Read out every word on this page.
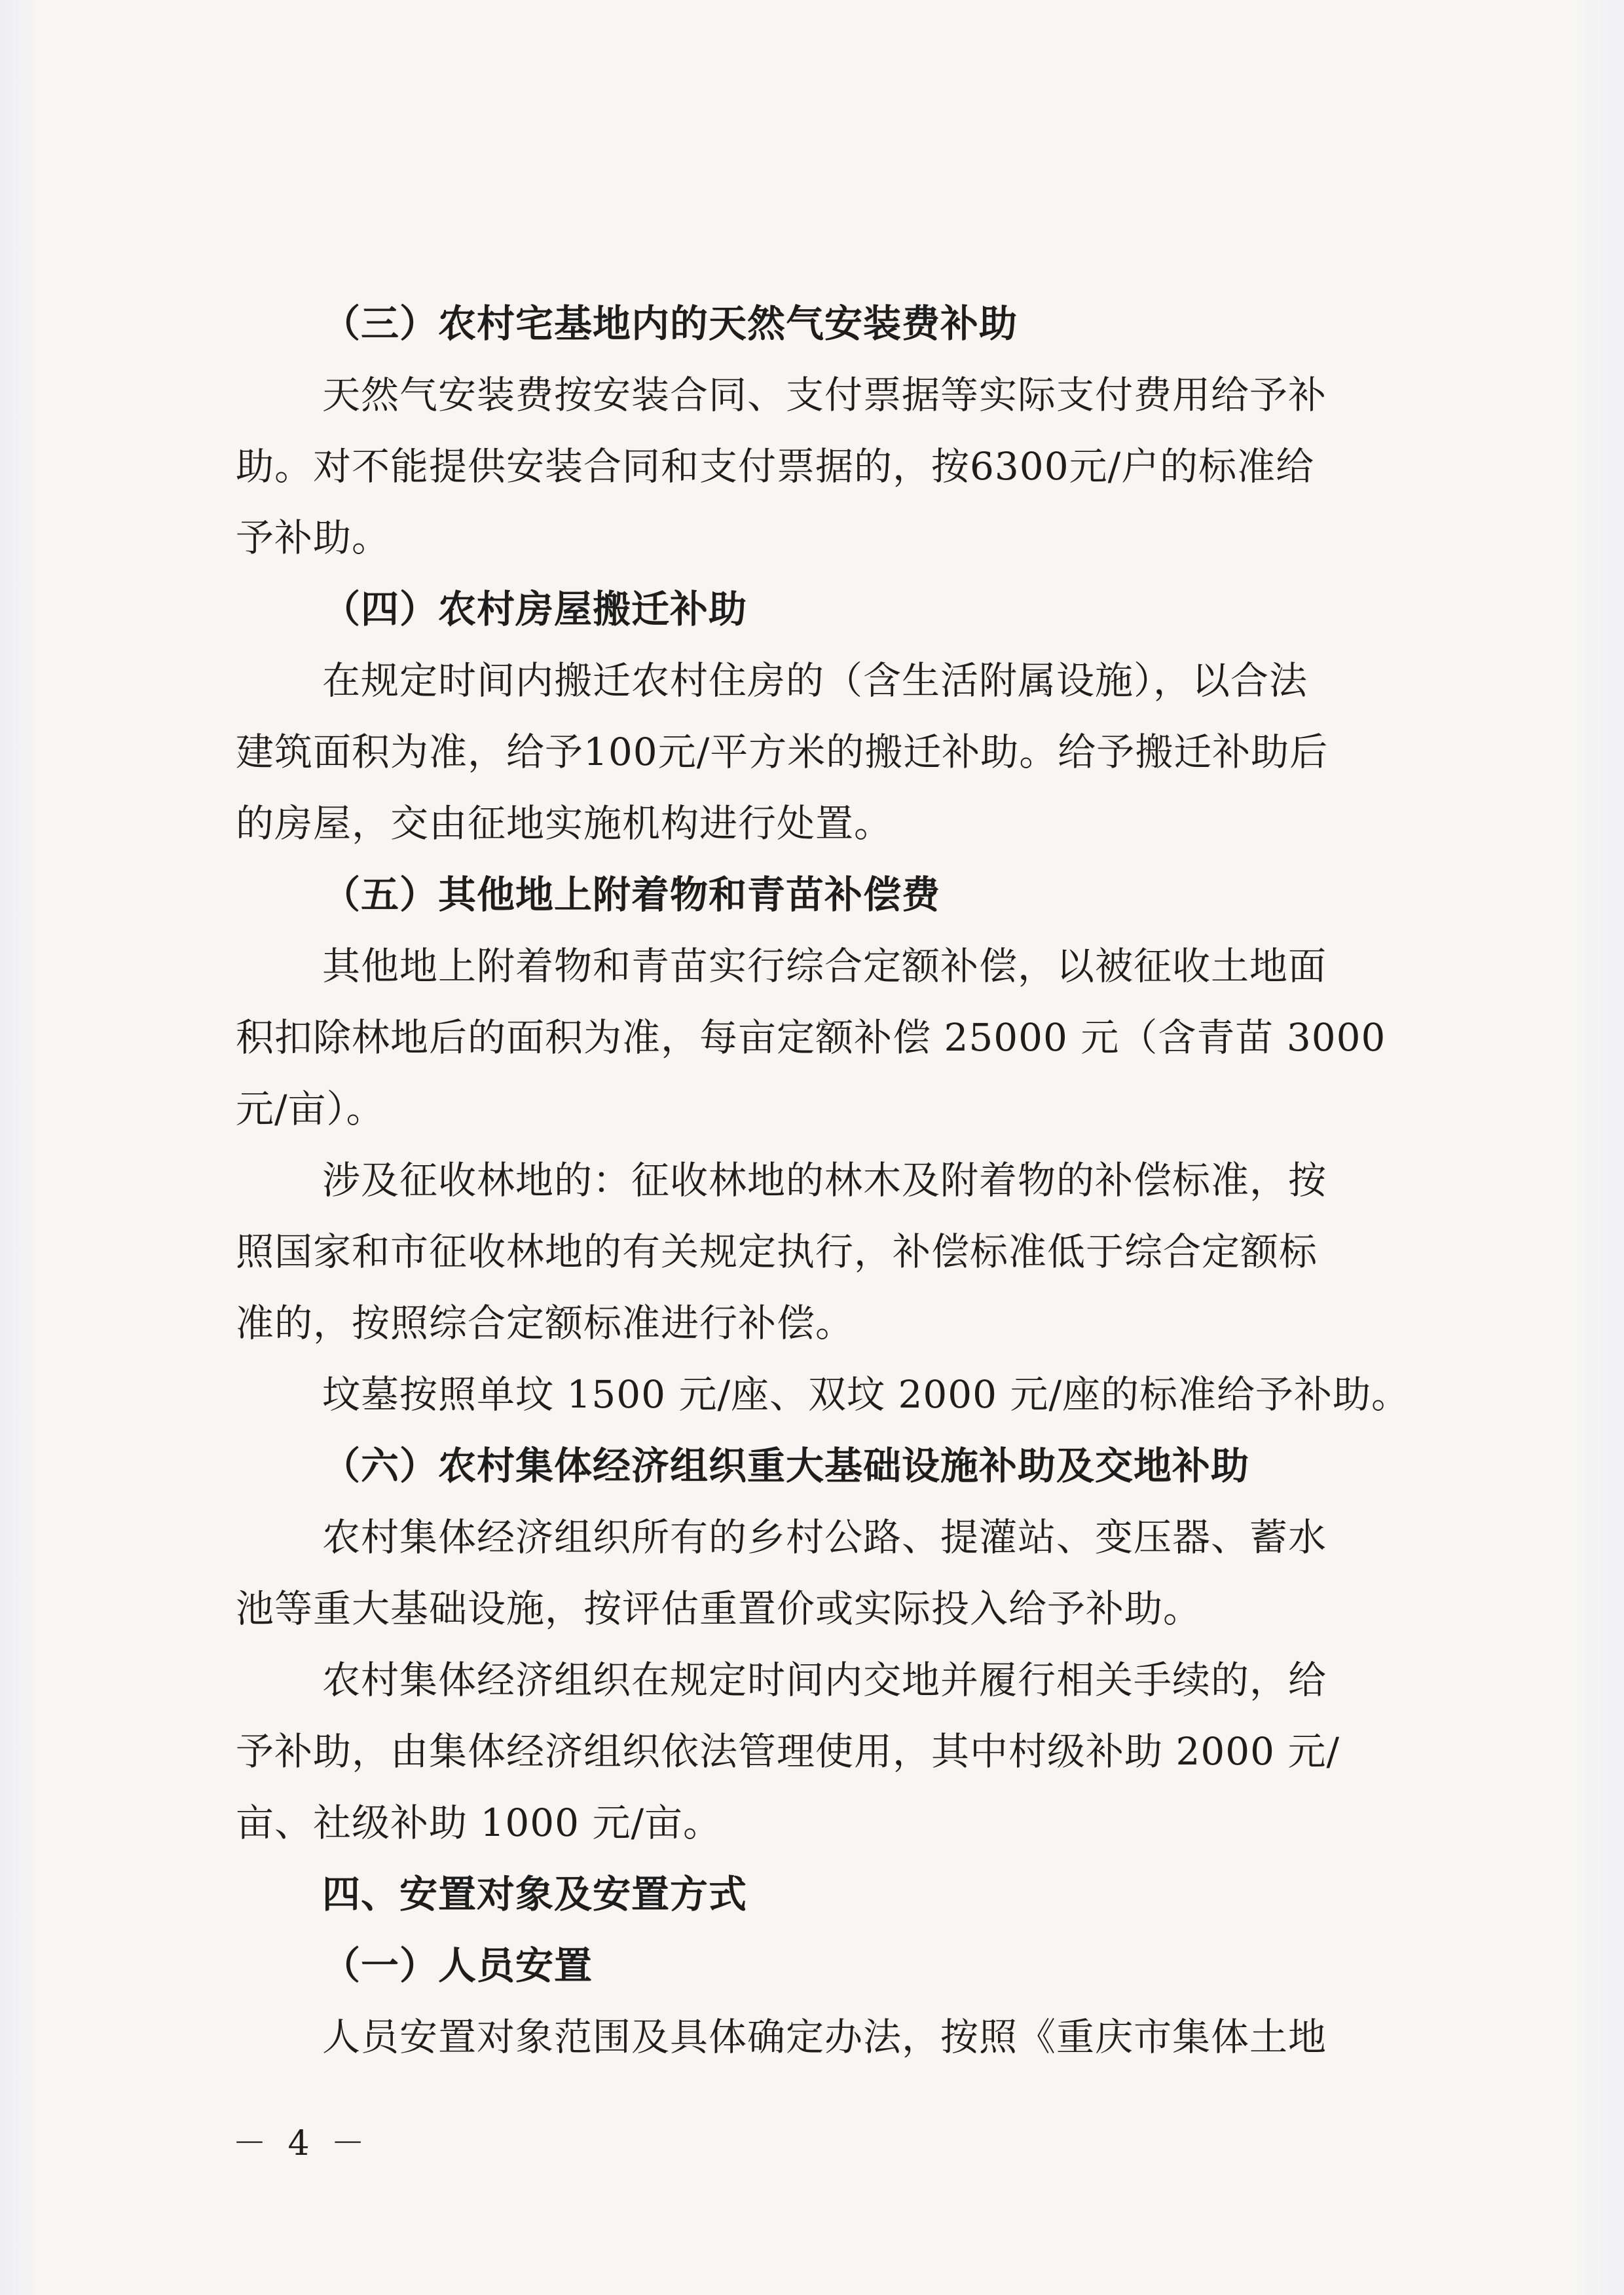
（三）农村宅基地内的天然气安装费补助
天然气安装费按安装合同、支付票据等实际支付费用给予补
助。对不能提供安装合同和支付票据的，按6300元/户的标准给
予补助。
（四）农村房屋搬迁补助
在规定时间内搬迁农村住房的（含生活附属设施），以合法
建筑面积为准，给予100元/平方米的搬迁补助。给予搬迁补助后
的房屋，交由征地实施机构进行处置。
（五）其他地上附着物和青苗补偿费
其他地上附着物和青苗实行综合定额补偿，以被征收土地面
积扣除林地后的面积为准，每亩定额补偿 25000 元（含青苗 3000
元/亩）。
涉及征收林地的：征收林地的林木及附着物的补偿标准，按
照国家和市征收林地的有关规定执行，补偿标准低于综合定额标
准的，按照综合定额标准进行补偿。
坟墓按照单坟 1500 元/座、双坟 2000 元/座的标准给予补助。
（六）农村集体经济组织重大基础设施补助及交地补助
农村集体经济组织所有的乡村公路、提灌站、变压器、蓄水
池等重大基础设施，按评估重置价或实际投入给予补助。
农村集体经济组织在规定时间内交地并履行相关手续的，给
予补助，由集体经济组织依法管理使用，其中村级补助 2000 元/
亩、社级补助 1000 元/亩。
四、安置对象及安置方式
（一）人员安置
人员安置对象范围及具体确定办法，按照《重庆市集体土地
－ 4 －
